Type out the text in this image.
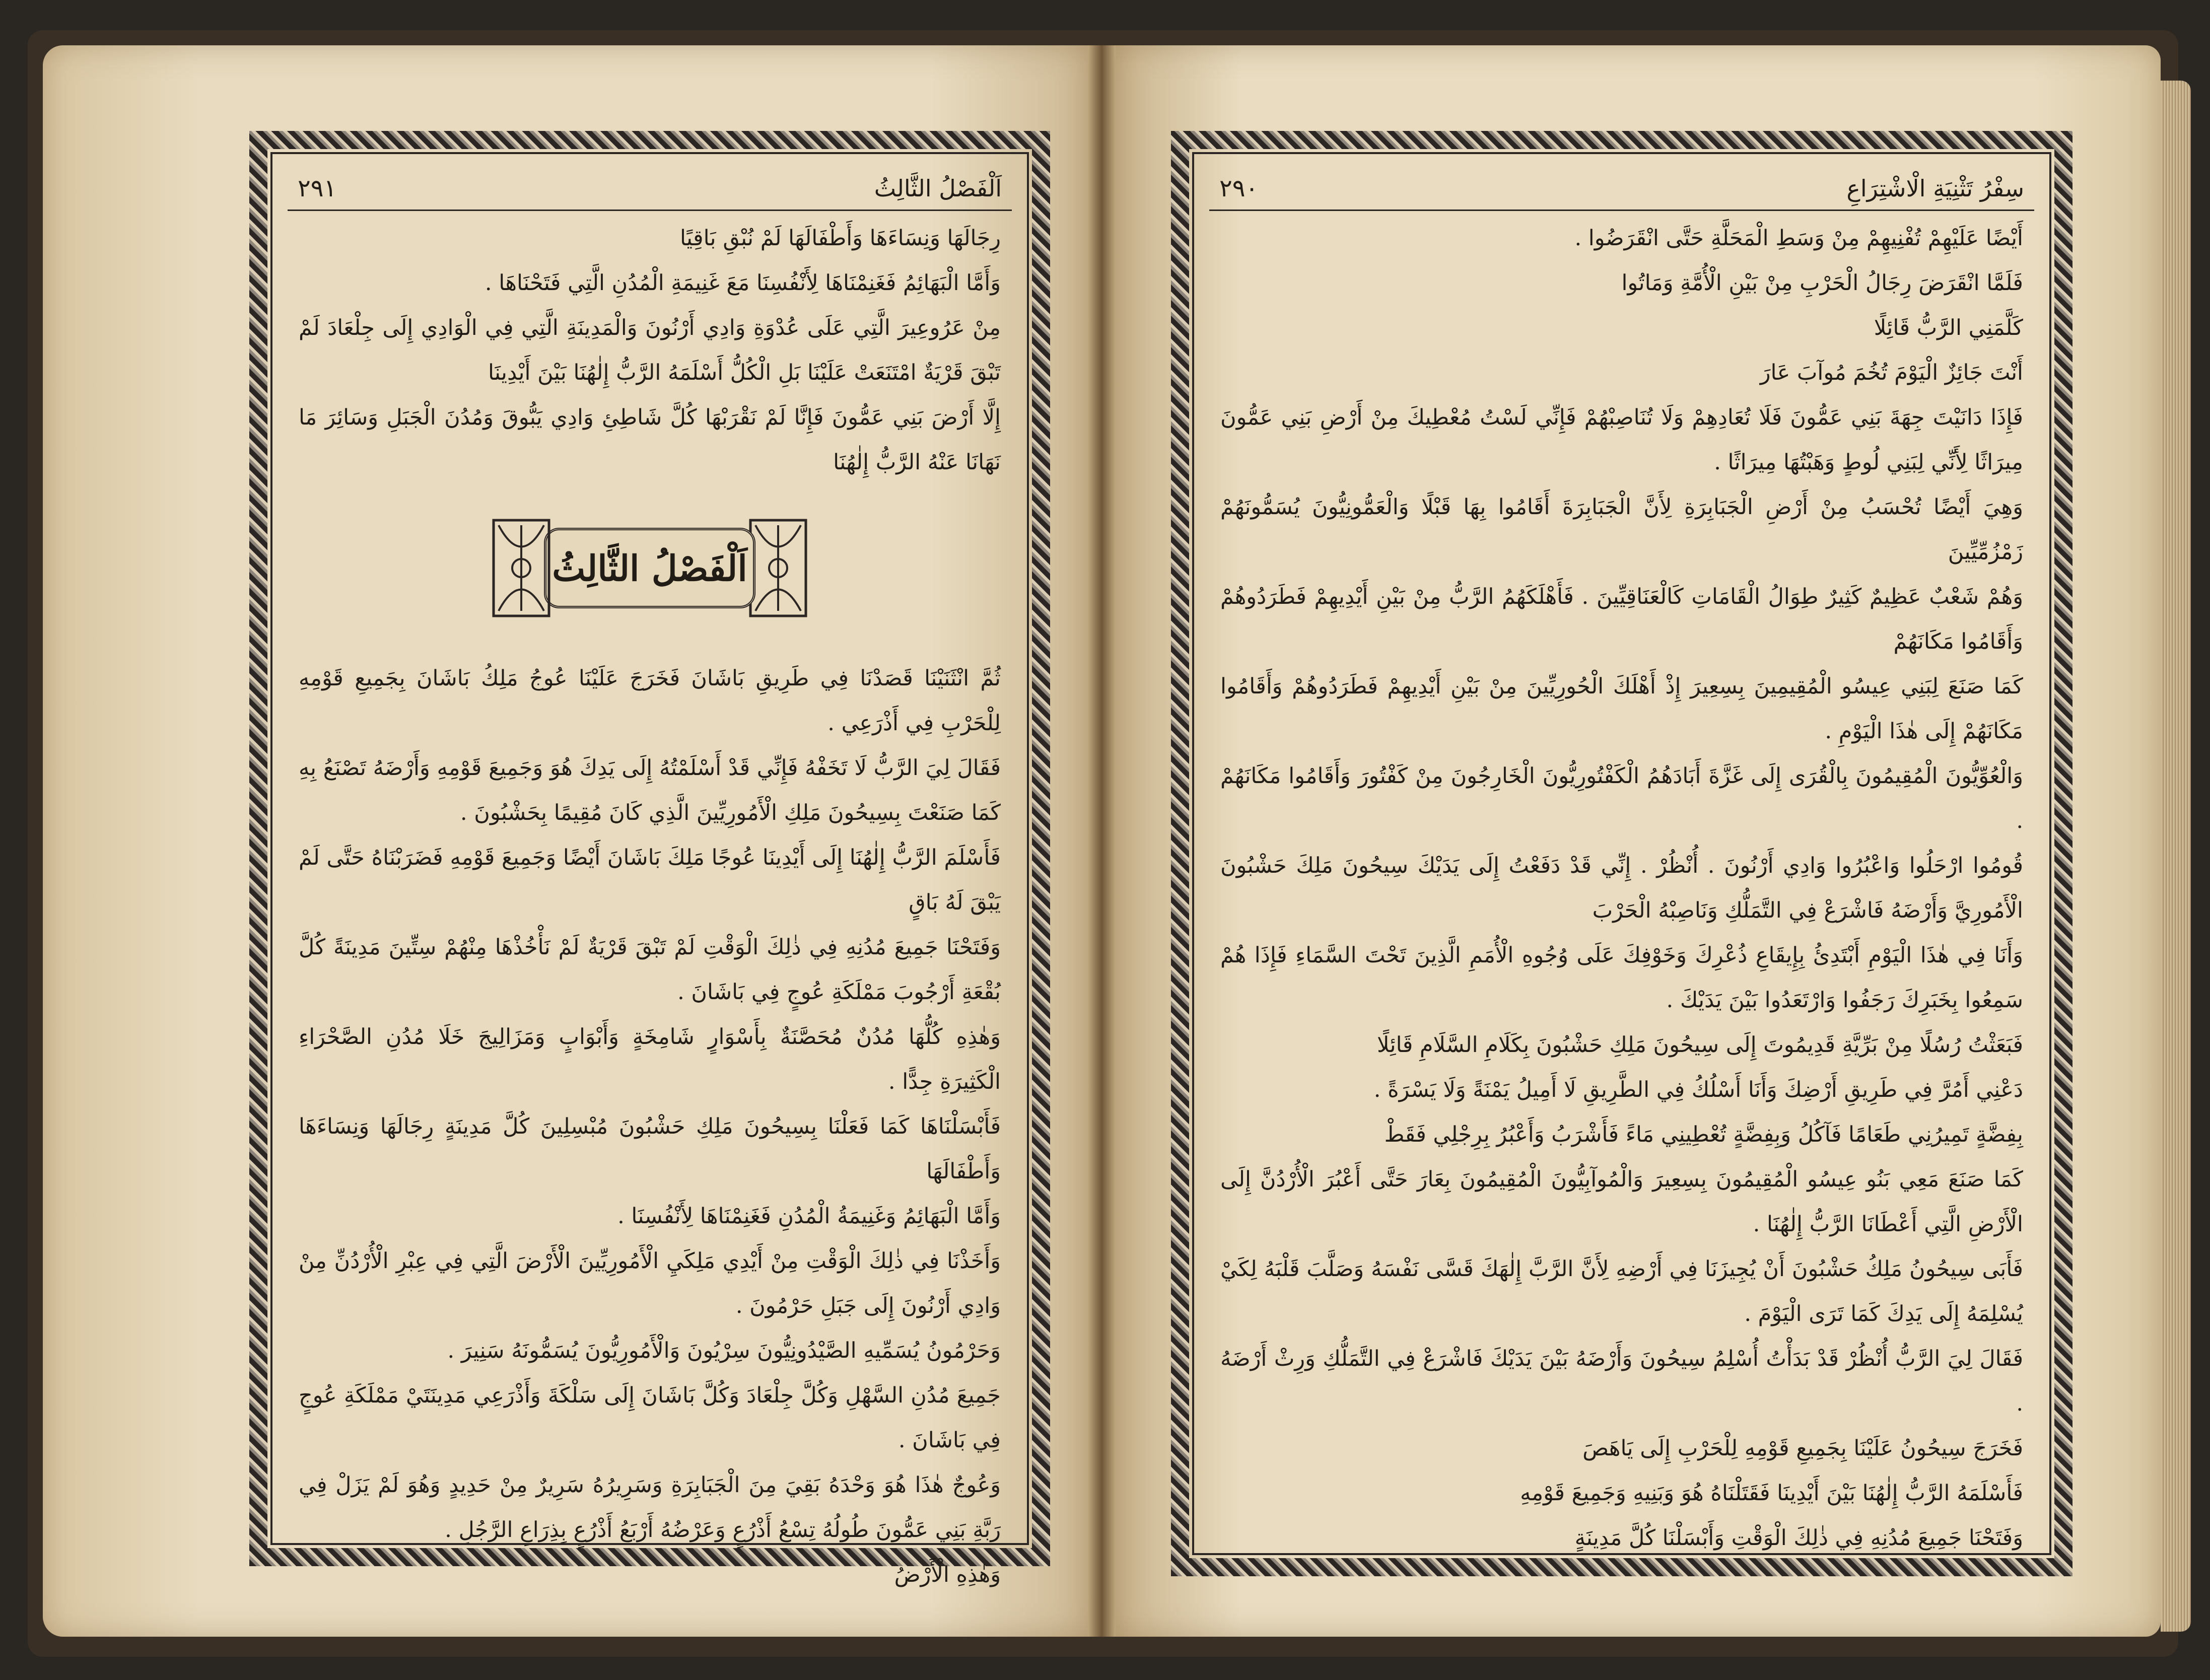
اَلْفَصْلُ الثَّالِثُ
٢٩١

رِجَالَهَا وَنِسَاءَهَا وَأَطْفَالَهَا لَمْ نُبْقِ بَاقِيًا

وَأَمَّا الْبَهَائِمُ فَغَنِمْنَاهَا لِأَنْفُسِنَا مَعَ غَنِيمَةِ الْمُدُنِ الَّتِي فَتَحْنَاهَا .

مِنْ عَرُوعِيرَ الَّتِي عَلَى عُدْوَةِ وَادِي أَرْنُونَ وَالْمَدِينَةِ الَّتِي فِي الْوَادِي إِلَى جِلْعَادَ لَمْ تَبْقَ قَرْيَةٌ امْتَنَعَتْ عَلَيْنَا بَلِ الْكُلُّ أَسْلَمَهُ الرَّبُّ إِلٰهُنَا بَيْنَ أَيْدِينَا

إِلَّا أَرْضَ بَنِي عَمُّونَ فَإِنَّا لَمْ نَقْرَبْهَا كُلَّ شَاطِئِ وَادِي يَبُّوقَ وَمُدُنَ الْجَبَلِ وَسَائِرَ مَا نَهَانَا عَنْهُ الرَّبُّ إِلٰهُنَا

اَلْفَصْلُ الثَّالِثُ

ثُمَّ انْثَنَيْنَا قَصَدْنَا فِي طَرِيقِ بَاشَانَ فَخَرَجَ عَلَيْنَا عُوجُ مَلِكُ بَاشَانَ بِجَمِيعِ قَوْمِهِ لِلْحَرْبِ فِي أَذْرَعِي .

فَقَالَ لِيَ الرَّبُّ لَا تَخَفْهُ فَإِنِّي قَدْ أَسْلَمْتُهُ إِلَى يَدِكَ هُوَ وَجَمِيعَ قَوْمِهِ وَأَرْضَهُ تَصْنَعُ بِهِ كَمَا صَنَعْتَ بِسِيحُونَ مَلِكِ الْأَمُورِيِّينَ الَّذِي كَانَ مُقِيمًا بِحَشْبُونَ .

فَأَسْلَمَ الرَّبُّ إِلٰهُنَا إِلَى أَيْدِينَا عُوجًا مَلِكَ بَاشَانَ أَيْضًا وَجَمِيعَ قَوْمِهِ فَضَرَبْنَاهُ حَتَّى لَمْ يَبْقَ لَهُ بَاقٍ

وَفَتَحْنَا جَمِيعَ مُدُنِهِ فِي ذٰلِكَ الْوَقْتِ لَمْ تَبْقَ قَرْيَةٌ لَمْ نَأْخُذْهَا مِنْهُمْ سِتِّينَ مَدِينَةً كُلَّ بُقْعَةِ أَرْجُوبَ مَمْلَكَةِ عُوجٍ فِي بَاشَانَ .

وَهٰذِهِ كُلُّهَا مُدُنٌ مُحَصَّنَةٌ بِأَسْوَارٍ شَامِخَةٍ وَأَبْوَابٍ وَمَزَالِيجَ خَلَا مُدُنِ الصَّحْرَاءِ الْكَثِيرَةِ جِدًّا .

فَأَبْسَلْنَاهَا كَمَا فَعَلْنَا بِسِيحُونَ مَلِكِ حَشْبُونَ مُبْسِلِينَ كُلَّ مَدِينَةٍ رِجَالَهَا وَنِسَاءَهَا وَأَطْفَالَهَا

وَأَمَّا الْبَهَائِمُ وَغَنِيمَةُ الْمُدُنِ فَغَنِمْنَاهَا لِأَنْفُسِنَا .

وَأَخَذْنَا فِي ذٰلِكَ الْوَقْتِ مِنْ أَيْدِي مَلِكَيِ الْأَمُورِيِّينَ الْأَرْضَ الَّتِي فِي عِبْرِ الْأُرْدُنِّ مِنْ وَادِي أَرْنُونَ إِلَى جَبَلِ حَرْمُونَ .

وَحَرْمُونُ يُسَمِّيهِ الصَّيْدُونِيُّونَ سِرْيُونَ وَالْأَمُورِيُّونَ يُسَمُّونَهُ سَنِيرَ .

جَمِيعَ مُدُنِ السَّهْلِ وَكُلَّ جِلْعَادَ وَكُلَّ بَاشَانَ إِلَى سَلْكَةَ وَأَذْرَعِي مَدِينَتَيْ مَمْلَكَةِ عُوجٍ فِي بَاشَانَ .

وَعُوجٌ هٰذَا هُوَ وَحْدَهُ بَقِيَ مِنَ الْجَبَابِرَةِ وَسَرِيرُهُ سَرِيرٌ مِنْ حَدِيدٍ وَهُوَ لَمْ يَزَلْ فِي رَبَّةِ بَنِي عَمُّونَ طُولُهُ تِسْعُ أَذْرُعٍ وَعَرْضُهُ أَرْبَعُ أَذْرُعٍ بِذِرَاعِ الرَّجُلِ .

وَهٰذِهِ الْأَرْضُ

سِفْرُ تَثْنِيَةِ الْاشْتِرَاعِ
٢٩٠

أَيْضًا عَلَيْهِمْ تُفْنِيهِمْ مِنْ وَسَطِ الْمَحَلَّةِ حَتَّى انْقَرَضُوا .

فَلَمَّا انْقَرَضَ رِجَالُ الْحَرْبِ مِنْ بَيْنِ الْأُمَّةِ وَمَاتُوا

كَلَّمَنِي الرَّبُّ قَائِلًا

أَنْتَ جَائِزٌ الْيَوْمَ تُخُمَ مُوآبَ عَارَ

فَإِذَا دَانَيْتَ جِهَةَ بَنِي عَمُّونَ فَلَا تُعَادِهِمْ وَلَا تُنَاصِبْهُمْ فَإِنِّي لَسْتُ مُعْطِيكَ مِنْ أَرْضِ بَنِي عَمُّونَ مِيرَاثًا لِأَنِّي لِبَنِي لُوطٍ وَهَبْتُهَا مِيرَاثًا .

وَهِيَ أَيْضًا تُحْسَبُ مِنْ أَرْضِ الْجَبَابِرَةِ لِأَنَّ الْجَبَابِرَةَ أَقَامُوا بِهَا قَبْلًا وَالْعَمُّونِيُّونَ يُسَمُّونَهُمْ زَمْزُمِّيِّينَ

وَهُمْ شَعْبٌ عَظِيمٌ كَثِيرٌ طِوَالُ الْقَامَاتِ كَالْعَنَاقِيِّينَ . فَأَهْلَكَهُمُ الرَّبُّ مِنْ بَيْنِ أَيْدِيهِمْ فَطَرَدُوهُمْ وَأَقَامُوا مَكَانَهُمْ

كَمَا صَنَعَ لِبَنِي عِيسُو الْمُقِيمِينَ بِسِعِيرَ إِذْ أَهْلَكَ الْحُورِيِّينَ مِنْ بَيْنِ أَيْدِيهِمْ فَطَرَدُوهُمْ وَأَقَامُوا مَكَانَهُمْ إِلَى هٰذَا الْيَوْمِ .

وَالْعُوِّيُّونَ الْمُقِيمُونَ بِالْقُرَى إِلَى غَزَّةَ أَبَادَهُمُ الْكَفْتُورِيُّونَ الْخَارِجُونَ مِنْ كَفْتُورَ وَأَقَامُوا مَكَانَهُمْ .

قُومُوا ارْحَلُوا وَاعْبُرُوا وَادِي أَرْنُونَ . أُنْظُرْ . إِنِّي قَدْ دَفَعْتُ إِلَى يَدَيْكَ سِيحُونَ مَلِكَ حَشْبُونَ الْأَمُورِيَّ وَأَرْضَهُ فَاشْرَعْ فِي التَّمَلُّكِ وَنَاصِبْهُ الْحَرْبَ

وَأَنَا فِي هٰذَا الْيَوْمِ أَبْتَدِئُ بِإِيقَاعِ ذُعْرِكَ وَخَوْفِكَ عَلَى وُجُوهِ الْأُمَمِ الَّذِينَ تَحْتَ السَّمَاءِ فَإِذَا هُمْ سَمِعُوا بِخَبَرِكَ رَجَفُوا وَارْتَعَدُوا بَيْنَ يَدَيْكَ .

فَبَعَثْتُ رُسُلًا مِنْ بَرِّيَّةِ قَدِيمُوتَ إِلَى سِيحُونَ مَلِكِ حَشْبُونَ بِكَلَامِ السَّلَامِ قَائِلًا

دَعْنِي أَمُرَّ فِي طَرِيقِ أَرْضِكَ وَأَنَا أَسْلُكُ فِي الطَّرِيقِ لَا أَمِيلُ يَمْنَةً وَلَا يَسْرَةً .

بِفِضَّةٍ تَمِيرُنِي طَعَامًا فَآكُلُ وَبِفِضَّةٍ تُعْطِينِي مَاءً فَأَشْرَبُ وَأَعْبُرُ بِرِجْلِي فَقَطْ

كَمَا صَنَعَ مَعِي بَنُو عِيسُو الْمُقِيمُونَ بِسِعِيرَ وَالْمُوآبِيُّونَ الْمُقِيمُونَ بِعَارَ حَتَّى أَعْبُرَ الْأُرْدُنَّ إِلَى الْأَرْضِ الَّتِي أَعْطَانَا الرَّبُّ إِلٰهُنَا .

فَأَبَى سِيحُونُ مَلِكُ حَشْبُونَ أَنْ يُجِيزَنَا فِي أَرْضِهِ لِأَنَّ الرَّبَّ إِلٰهَكَ قَسَّى نَفْسَهُ وَصَلَّبَ قَلْبَهُ لِكَيْ يُسْلِمَهُ إِلَى يَدِكَ كَمَا تَرَى الْيَوْمَ .

فَقَالَ لِيَ الرَّبُّ أُنْظُرْ قَدْ بَدَأْتُ أُسْلِمُ سِيحُونَ وَأَرْضَهُ بَيْنَ يَدَيْكَ فَاشْرَعْ فِي التَّمَلُّكِ وَرِثْ أَرْضَهُ .

فَخَرَجَ سِيحُونُ عَلَيْنَا بِجَمِيعِ قَوْمِهِ لِلْحَرْبِ إِلَى يَاهَصَ

فَأَسْلَمَهُ الرَّبُّ إِلٰهُنَا بَيْنَ أَيْدِينَا فَقَتَلْنَاهُ هُوَ وَبَنِيهِ وَجَمِيعَ قَوْمِهِ

وَفَتَحْنَا جَمِيعَ مُدُنِهِ فِي ذٰلِكَ الْوَقْتِ وَأَبْسَلْنَا كُلَّ مَدِينَةٍ
